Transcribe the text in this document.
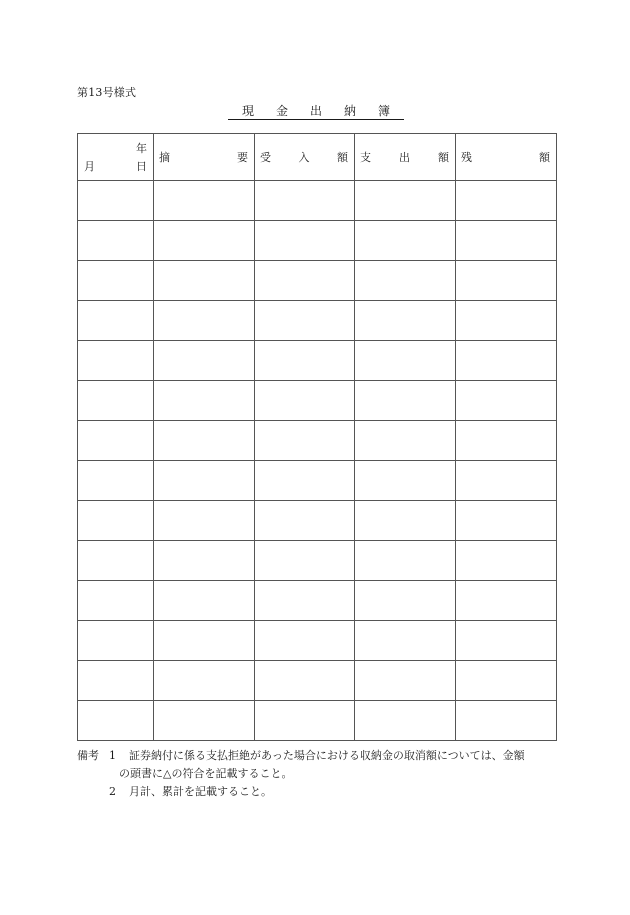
第13号様式
現 金 出 納 簿
年
月 日	摘 要	受 入 額	支 出 額	残 額

備考 1	証券納付に係る支払拒絶があった場合における収納金の取消額については、金額
の頭書に△の符合を記載すること。
2	月計、累計を記載すること。
